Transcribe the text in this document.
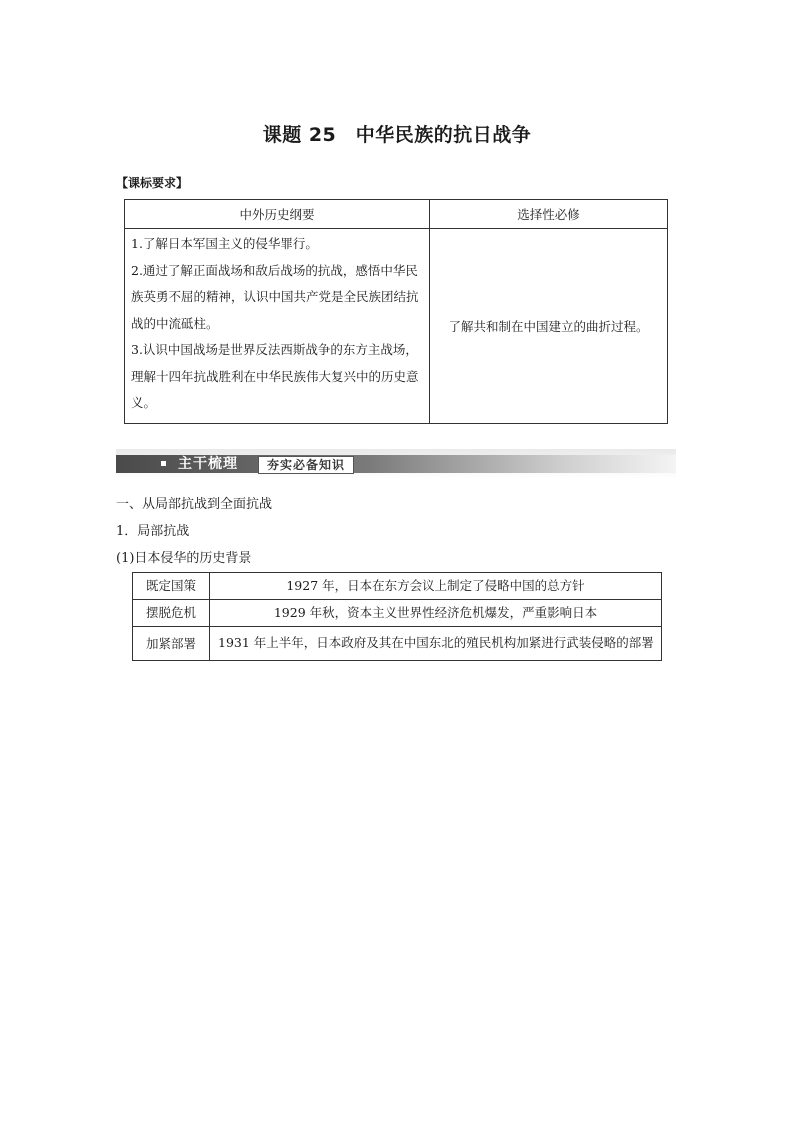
课题 25　中华民族的抗日战争
【课标要求】
中外历史纲要	选择性必修

1.了解日本军国主义的侵华罪行。
2.通过了解正面战场和敌后战场的抗战，感悟中华民族英勇不屈的精神，认识中国共产党是全民族团结抗战的中流砥柱。
3.认识中国战场是世界反法西斯战争的东方主战场，理解十四年抗战胜利在中华民族伟大复兴中的历史意义。	了解共和制在中国建立的曲折过程。
主干梳理	夯实必备知识
一、从局部抗战到全面抗战
1．局部抗战
(1)日本侵华的历史背景
既定国策	1927 年，日本在东方会议上制定了侵略中国的总方针
摆脱危机	1929 年秋，资本主义世界性经济危机爆发，严重影响日本
加紧部署	1931 年上半年，日本政府及其在中国东北的殖民机构加紧进行武装侵略的部署
